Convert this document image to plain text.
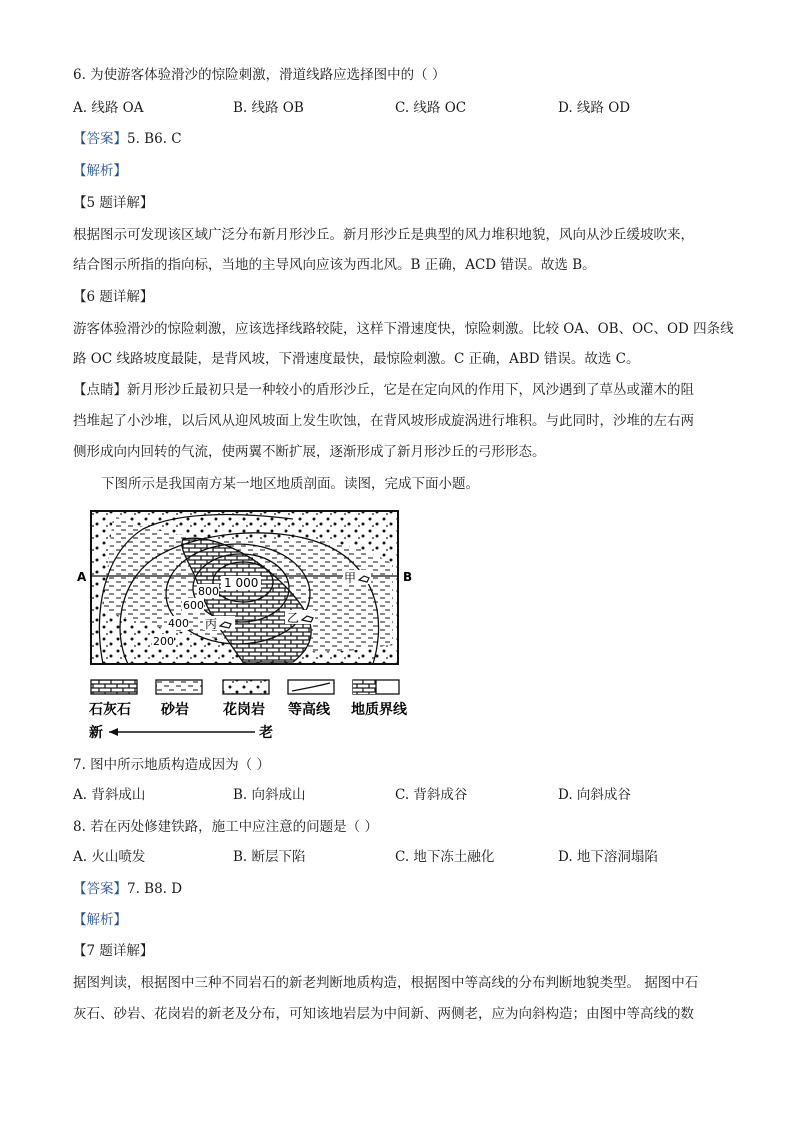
6. 为使游客体验滑沙的惊险刺激，滑道线路应选择图中的（ ）
A. 线路 OA	B. 线路 OB	C. 线路 OC	D. 线路 OD
【答案】5. B6. C
【解析】
【5 题详解】
根据图示可发现该区域广泛分布新月形沙丘。新月形沙丘是典型的风力堆积地貌，风向从沙丘缓坡吹来，
结合图示所指的指向标，当地的主导风向应该为西北风。B 正确，ACD 错误。故选 B。
【6 题详解】
游客体验滑沙的惊险刺激，应该选择线路较陡，这样下滑速度快，惊险刺激。比较 OA、OB、OC、OD 四条线
路 OC 线路坡度最陡，是背风坡，下滑速度最快，最惊险刺激。C 正确，ABD 错误。故选 C。
【点睛】新月形沙丘最初只是一种较小的盾形沙丘，它是在定向风的作用下，风沙遇到了草丛或灌木的阻
挡堆起了小沙堆，以后风从迎风坡面上发生吹蚀，在背风坡形成旋涡进行堆积。与此同时，沙堆的左右两
侧形成向内回转的气流，使两翼不断扩展，逐渐形成了新月形沙丘的弓形形态。
下图所示是我国南方某一地区地质剖面。读图，完成下面小题。
A	B
1 000
800
600
400
200
甲
乙
丙
石灰石 砂岩 花岗岩 等高线 地质界线
新	老
7. 图中所示地质构造成因为（ ）
A. 背斜成山	B. 向斜成山	C. 背斜成谷	D. 向斜成谷
8. 若在丙处修建铁路，施工中应注意的问题是（ ）
A. 火山喷发	B. 断层下陷	C. 地下冻土融化	D. 地下溶洞塌陷
【答案】7. B8. D
【解析】
【7 题详解】
据图判读，根据图中三种不同岩石的新老判断地质构造，根据图中等高线的分布判断地貌类型。 据图中石
灰石、砂岩、花岗岩的新老及分布，可知该地岩层为中间新、两侧老，应为向斜构造；由图中等高线的数
